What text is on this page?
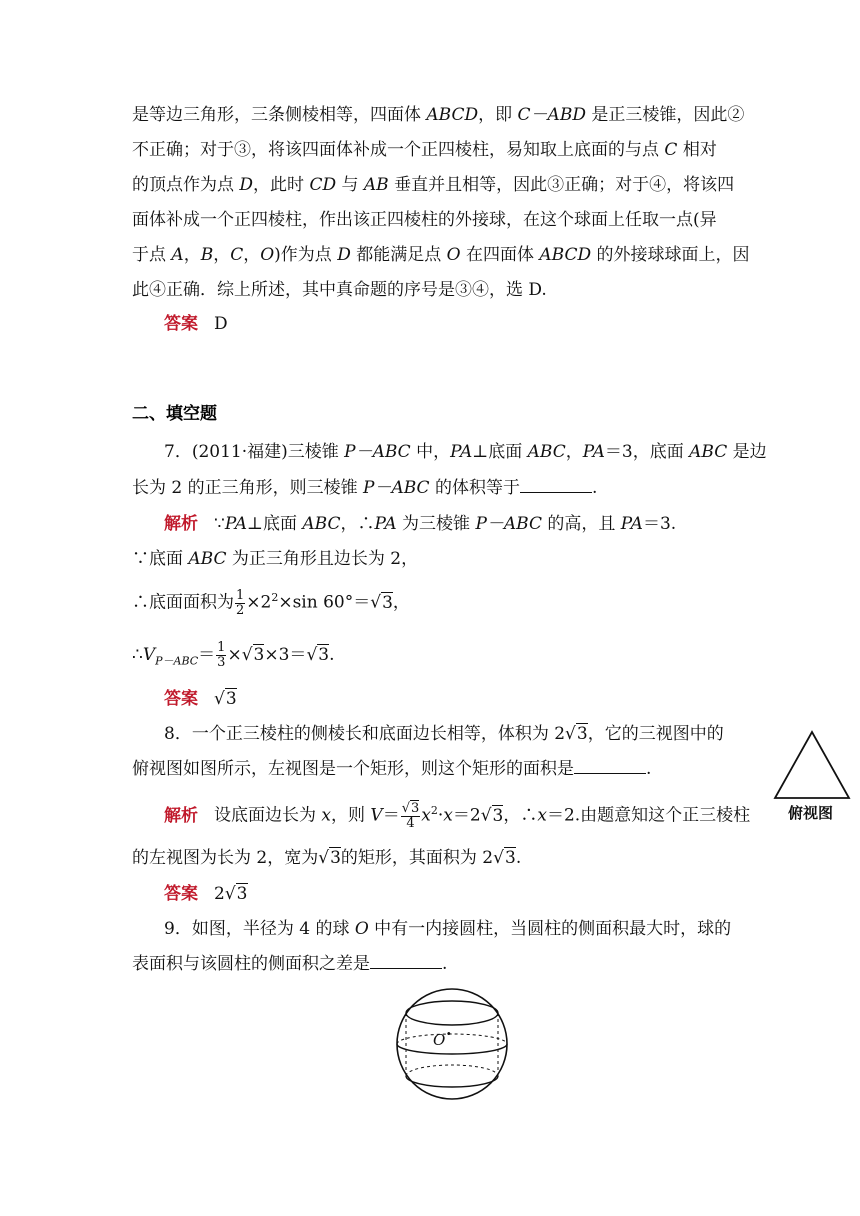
是等边三角形，三条侧棱相等，四面体 ABCD，即 C－ABD 是正三棱锥，因此②
不正确；对于③，将该四面体补成一个正四棱柱，易知取上底面的与点 C 相对
的顶点作为点 D，此时 CD 与 AB 垂直并且相等，因此③正确；对于④，将该四
面体补成一个正四棱柱，作出该正四棱柱的外接球，在这个球面上任取一点(异
于点 A，B，C，O)作为点 D 都能满足点 O 在四面体 ABCD 的外接球球面上，因
此④正确．综上所述，其中真命题的序号是③④，选 D.
答案 D
二、填空题
7．(2011·福建)三棱锥 P－ABC 中，PA⊥底面 ABC，PA＝3，底面 ABC 是边
长为 2 的正三角形，则三棱锥 P－ABC 的体积等于	.
解析 ∵PA⊥底面 ABC，∴PA 为三棱锥 P－ABC 的高，且 PA＝3.
∵底面 ABC 为正三角形且边长为 2，
∴底面面积为 $\frac{1}{2} \times 2^2\times\sin$ 60°＝√3，
$\therefore V_{P-ABC}= \frac{1}{3} \times√3\times 3=√3$.
答案 √3
8．一个正三棱柱的侧棱长和底面边长相等，体积为 2√3，它的三视图中的
俯视图如图所示，左视图是一个矩形，则这个矩形的面积是	.
解析 设底面边长为 x，则 $V= \frac{√3}{4} x^2\cdot x=2√3$，∴x＝2.由题意知这个正三棱柱
的左视图为长为 2，宽为√3的矩形，其面积为 2√3.
答案 2√3
俯视图
9．如图，半径为 4 的球 O 中有一内接圆柱，当圆柱的侧面积最大时，球的
表面积与该圆柱的侧面积之差是	.
O ·
